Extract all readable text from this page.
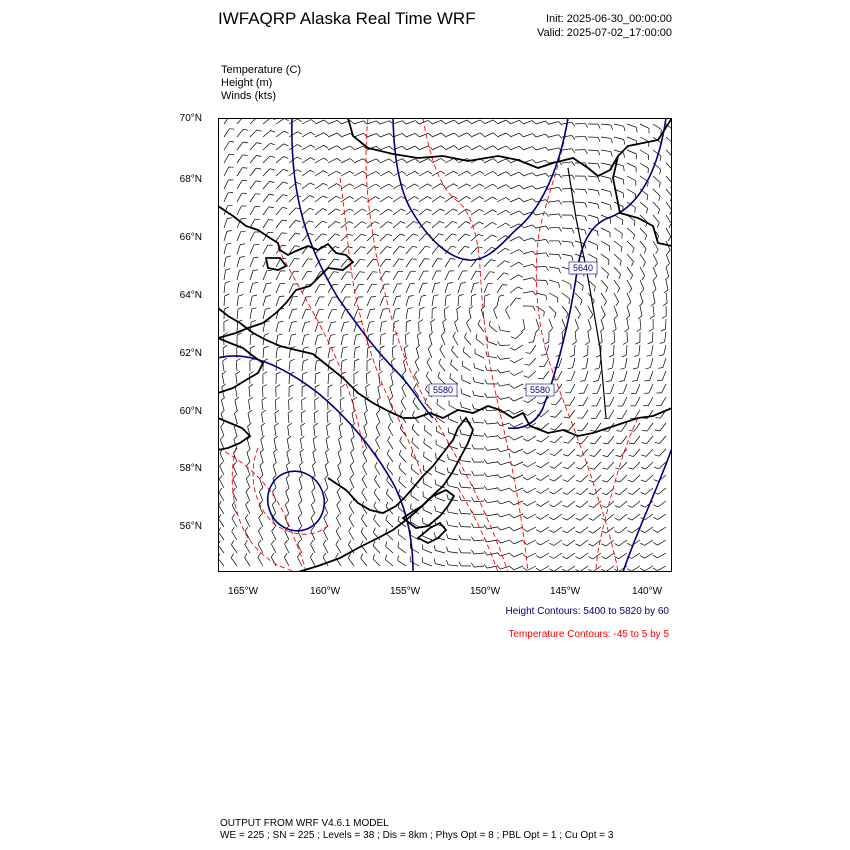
IWFAQRP Alaska Real Time WRF	Init: 2025-06-30_00:00:00
Valid: 2025-07-02_17:00:00
Temperature (C)
Height (m)
Winds (kts)
70°N
68°N
66°N
64°N
62°N
60°N
58°N
56°N
165°W	160°W	155°W	150°W	145°W	140°W
5640
5580	5580
Height Contours: 5400 to 5820 by 60
Temperature Contours: -45 to 5 by 5
OUTPUT FROM WRF V4.6.1 MODEL
WE = 225 ; SN = 225 ; Levels = 38 ; Dis = 8km ; Phys Opt = 8 ; PBL Opt = 1 ; Cu Opt = 3
